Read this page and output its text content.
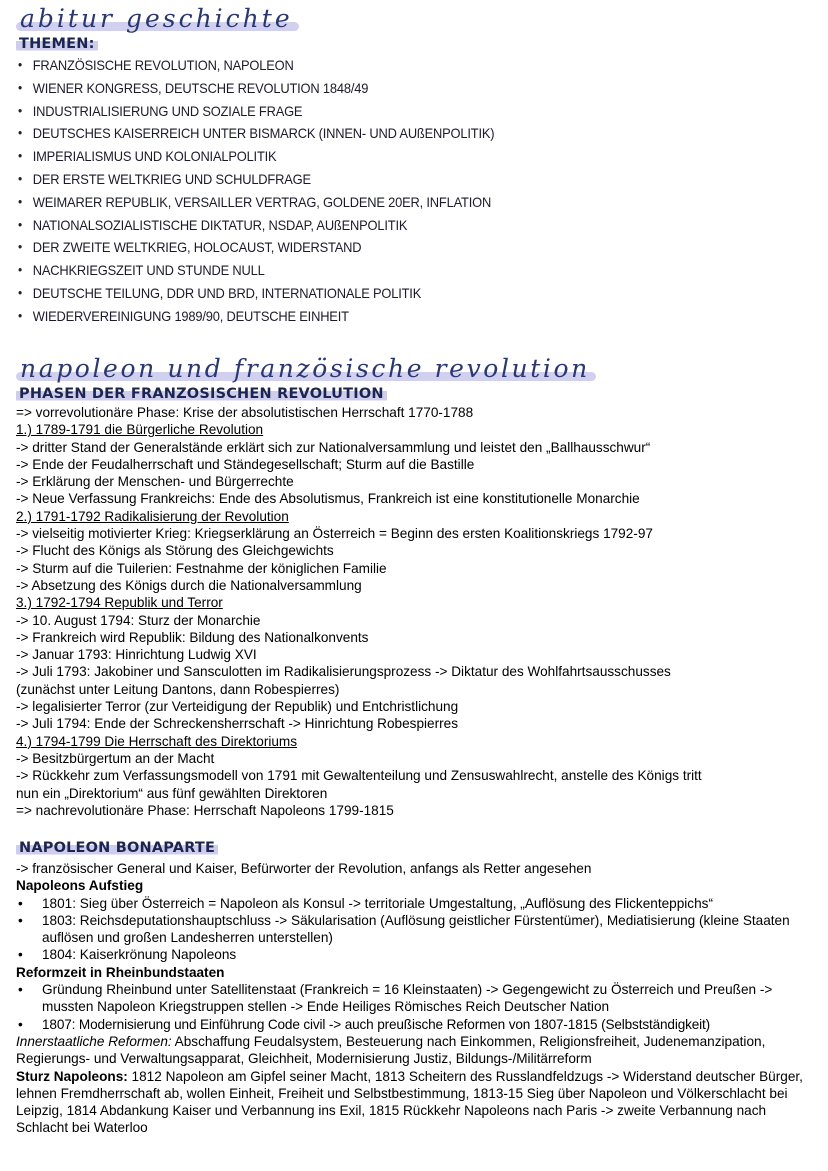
abitur geschichte
THEMEN:
• FRANZÖSISCHE REVOLUTION, NAPOLEON
• WIENER KONGRESS, DEUTSCHE REVOLUTION 1848/49
• INDUSTRIALISIERUNG UND SOZIALE FRAGE
• DEUTSCHES KAISERREICH UNTER BISMARCK (INNEN- UND AUßENPOLITIK)
• IMPERIALISMUS UND KOLONIALPOLITIK
• DER ERSTE WELTKRIEG UND SCHULDFRAGE
• WEIMARER REPUBLIK, VERSAILLER VERTRAG, GOLDENE 20ER, INFLATION
• NATIONALSOZIALISTISCHE DIKTATUR, NSDAP, AUßENPOLITIK
• DER ZWEITE WELTKRIEG, HOLOCAUST, WIDERSTAND
• NACHKRIEGSZEIT UND STUNDE NULL
• DEUTSCHE TEILUNG, DDR UND BRD, INTERNATIONALE POLITIK
• WIEDERVEREINIGUNG 1989/90, DEUTSCHE EINHEIT
napoleon und französische revolution
PHASEN DER FRANZOSISCHEN REVOLUTION

=> vorrevolutionäre Phase: Krise der absolutistischen Herrschaft 1770-1788

1.) 1789-1791 die Bürgerliche Revolution

-> dritter Stand der Generalstände erklärt sich zur Nationalversammlung und leistet den „Ballhausschwur“

-> Ende der Feudalherrschaft und Ständegesellschaft; Sturm auf die Bastille

-> Erklärung der Menschen- und Bürgerrechte

-> Neue Verfassung Frankreichs: Ende des Absolutismus, Frankreich ist eine konstitutionelle Monarchie

2.) 1791-1792 Radikalisierung der Revolution

-> vielseitig motivierter Krieg: Kriegserklärung an Österreich = Beginn des ersten Koalitionskriegs 1792-97

-> Flucht des Königs als Störung des Gleichgewichts

-> Sturm auf die Tuilerien: Festnahme der königlichen Familie

-> Absetzung des Königs durch die Nationalversammlung

3.) 1792-1794 Republik und Terror

-> 10. August 1794: Sturz der Monarchie

-> Frankreich wird Republik: Bildung des Nationalkonvents

-> Januar 1793: Hinrichtung Ludwig XVI

-> Juli 1793: Jakobiner und Sansculotten im Radikalisierungsprozess -> Diktatur des Wohlfahrtsausschusses

(zunächst unter Leitung Dantons, dann Robespierres)

-> legalisierter Terror (zur Verteidigung der Republik) und Entchristlichung

-> Juli 1794: Ende der Schreckensherrschaft -> Hinrichtung Robespierres

4.) 1794-1799 Die Herrschaft des Direktoriums

-> Besitzbürgertum an der Macht

-> Rückkehr zum Verfassungsmodell von 1791 mit Gewaltenteilung und Zensuswahlrecht, anstelle des Königs tritt

nun ein „Direktorium“ aus fünf gewählten Direktoren

=> nachrevolutionäre Phase: Herrschaft Napoleons 1799-1815

NAPOLEON BONAPARTE

-> französischer General und Kaiser, Befürworter der Revolution, anfangs als Retter angesehen

Napoleons Aufstieg

• 1801: Sieg über Österreich = Napoleon als Konsul -> territoriale Umgestaltung, „Auflösung des Flickenteppichs“

• 1803: Reichsdeputationshauptschluss -> Säkularisation (Auflösung geistlicher Fürstentümer), Mediatisierung (kleine Staaten auflösen und großen Landesherren unterstellen)

• 1804: Kaiserkrönung Napoleons

Reformzeit in Rheinbundstaaten

• Gründung Rheinbund unter Satellitenstaat (Frankreich = 16 Kleinstaaten) -> Gegengewicht zu Österreich und Preußen -> mussten Napoleon Kriegstruppen stellen -> Ende Heiliges Römisches Reich Deutscher Nation

• 1807: Modernisierung und Einführung Code civil -> auch preußische Reformen von 1807-1815 (Selbstständigkeit)

Innerstaatliche Reformen: Abschaffung Feudalsystem, Besteuerung nach Einkommen, Religionsfreiheit, Judenemanzipation, Regierungs- und Verwaltungsapparat, Gleichheit, Modernisierung Justiz, Bildungs-/Militärreform

Sturz Napoleons: 1812 Napoleon am Gipfel seiner Macht, 1813 Scheitern des Russlandfeldzugs -> Widerstand deutscher Bürger, lehnen Fremdherrschaft ab, wollen Einheit, Freiheit und Selbstbestimmung, 1813-15 Sieg über Napoleon und Völkerschlacht bei Leipzig, 1814 Abdankung Kaiser und Verbannung ins Exil, 1815 Rückkehr Napoleons nach Paris -> zweite Verbannung nach Schlacht bei Waterloo
